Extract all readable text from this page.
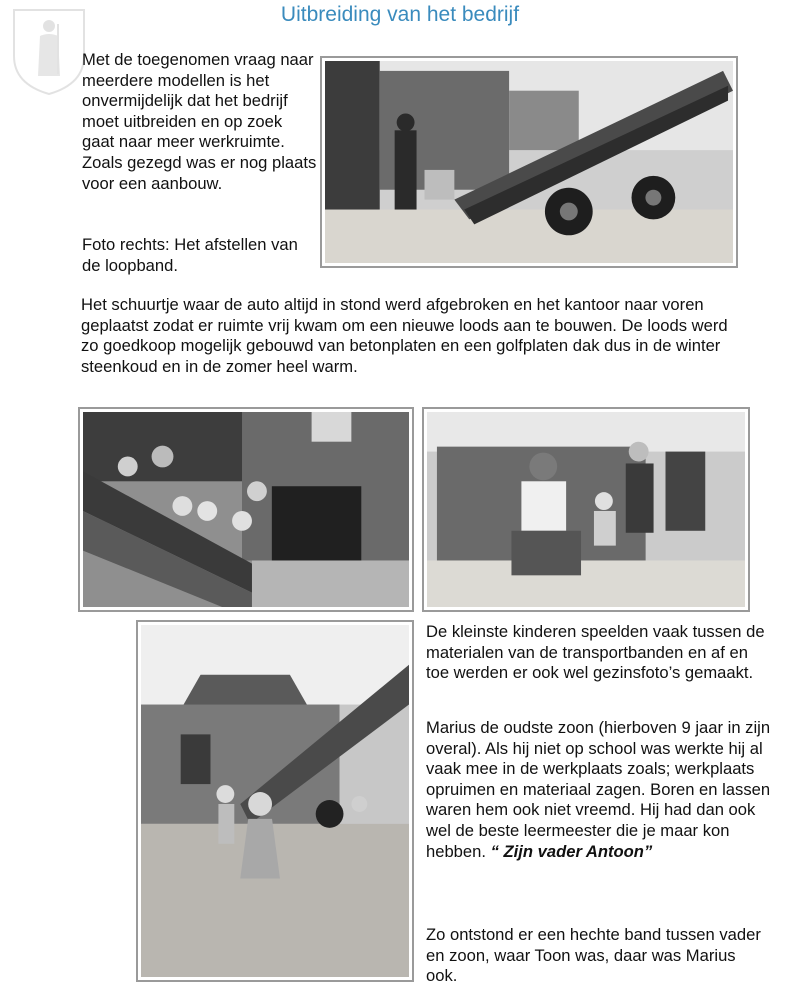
Uitbreiding van het bedrijf

Met de toegenomen vraag naar meerdere modellen is het onvermijdelijk dat het bedrijf moet uitbreiden en op zoek gaat naar meer werkruimte. Zoals gezegd was er nog plaats voor een aanbouw.

Foto rechts: Het afstellen van de loopband.

Het schuurtje waar de auto altijd in stond werd afgebroken en het kantoor naar voren geplaatst zodat er ruimte vrij kwam om een nieuwe loods aan te bouwen. De loods werd zo goedkoop mogelijk gebouwd van betonplaten en een golfplaten dak dus in de winter steenkoud en in de zomer heel warm.

De kleinste kinderen speelden vaak tussen de materialen van de transportbanden en af en toe werden er ook wel gezinsfoto’s gemaakt.

Marius de oudste zoon (hierboven 9 jaar in zijn overal). Als hij niet op school was werkte hij al vaak mee in de werkplaats zoals; werkplaats opruimen en materiaal zagen. Boren en lassen waren hem ook niet vreemd. Hij had dan ook wel de beste leermeester die je maar kon hebben. “ Zijn vader Antoon”

Zo ontstond er een hechte band tussen vader en zoon, waar Toon was, daar was Marius ook.
